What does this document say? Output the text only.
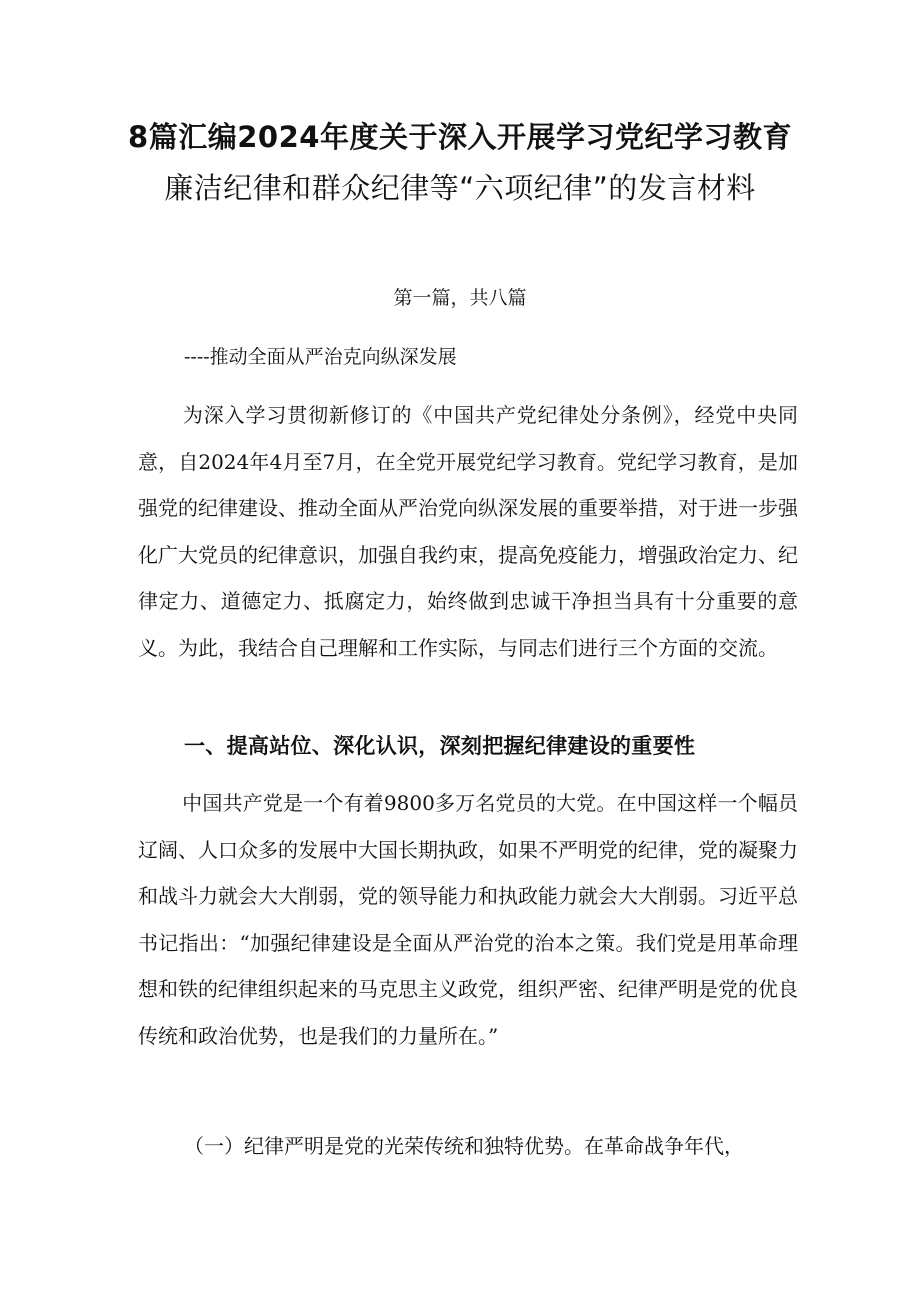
8篇汇编2024年度关于深入开展学习党纪学习教育
廉洁纪律和群众纪律等“六项纪律”的发言材料
第一篇，共八篇
----推动全面从严治克向纵深发展

为深入学习贯彻新修订的《中国共产党纪律处分条例》，经党中央同意，自2024年4月至7月，在全党开展党纪学习教育。党纪学习教育，是加强党的纪律建设、推动全面从严治党向纵深发展的重要举措，对于进一步强化广大党员的纪律意识，加强自我约束，提高免疫能力，增强政治定力、纪律定力、道德定力、抵腐定力，始终做到忠诚干净担当具有十分重要的意义。为此，我结合自己理解和工作实际，与同志们进行三个方面的交流。

一、提高站位、深化认识，深刻把握纪律建设的重要性

中国共产党是一个有着9800多万名党员的大党。在中国这样一个幅员辽阔、人口众多的发展中大国长期执政，如果不严明党的纪律，党的凝聚力和战斗力就会大大削弱，党的领导能力和执政能力就会大大削弱。习近平总书记指出：“加强纪律建设是全面从严治党的治本之策。我们党是用革命理想和铁的纪律组织起来的马克思主义政党，组织严密、纪律严明是党的优良传统和政治优势，也是我们的力量所在。”

（一）纪律严明是党的光荣传统和独特优势。在革命战争年代，
